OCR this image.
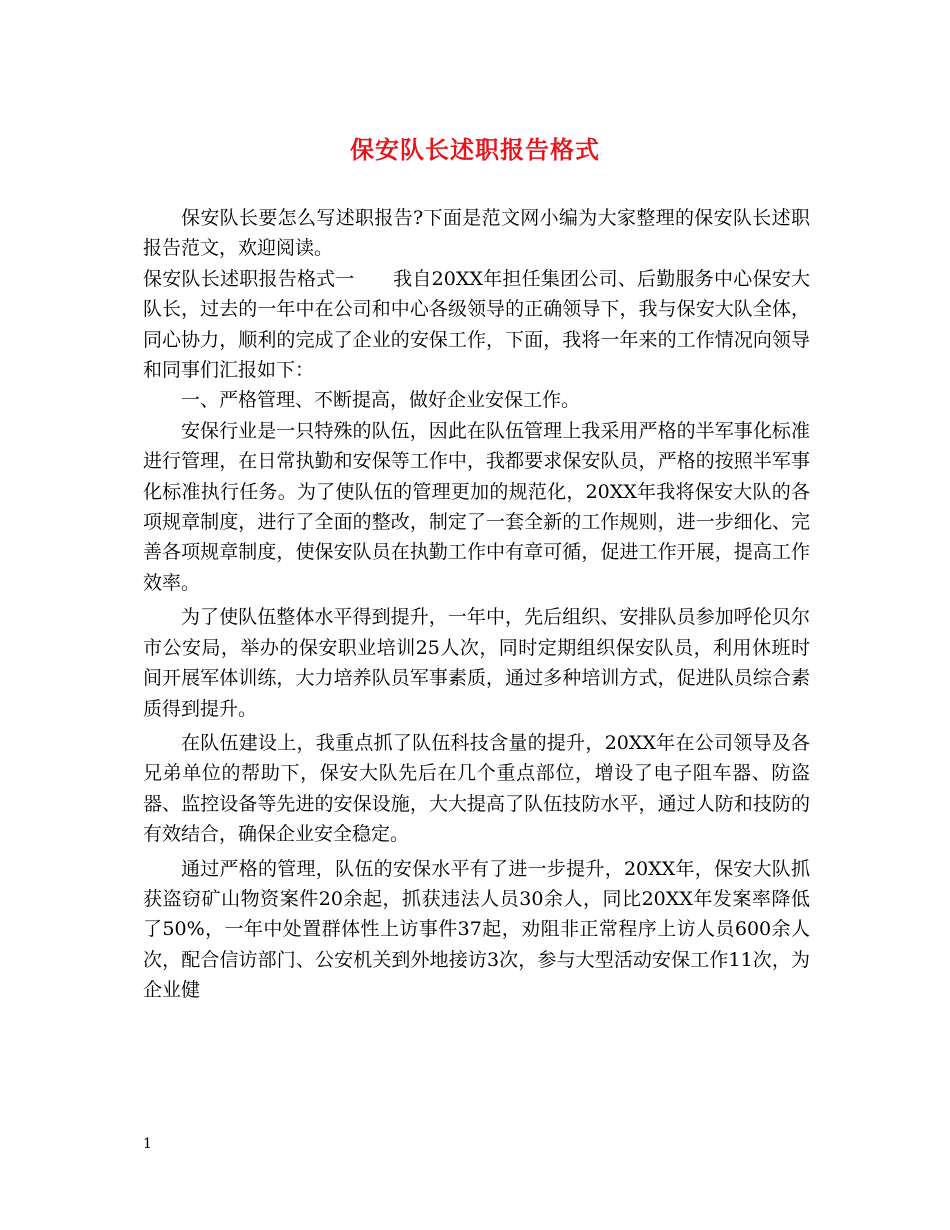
保安队长述职报告格式

保安队长要怎么写述职报告?下面是范文网小编为大家整理的保安队长述职报告范文，欢迎阅读。

保安队长述职报告格式一　　我自20XX年担任集团公司、后勤服务中心保安大队长，过去的一年中在公司和中心各级领导的正确领导下，我与保安大队全体，同心协力，顺利的完成了企业的安保工作，下面，我将一年来的工作情况向领导和同事们汇报如下：

一、严格管理、不断提高，做好企业安保工作。

安保行业是一只特殊的队伍，因此在队伍管理上我采用严格的半军事化标准进行管理，在日常执勤和安保等工作中，我都要求保安队员，严格的按照半军事化标准执行任务。为了使队伍的管理更加的规范化，20XX年我将保安大队的各项规章制度，进行了全面的整改，制定了一套全新的工作规则，进一步细化、完善各项规章制度，使保安队员在执勤工作中有章可循，促进工作开展，提高工作效率。

为了使队伍整体水平得到提升，一年中，先后组织、安排队员参加呼伦贝尔市公安局，举办的保安职业培训25人次，同时定期组织保安队员，利用休班时间开展军体训练，大力培养队员军事素质，通过多种培训方式，促进队员综合素质得到提升。

在队伍建设上，我重点抓了队伍科技含量的提升，20XX年在公司领导及各兄弟单位的帮助下，保安大队先后在几个重点部位，增设了电子阻车器、防盗器、监控设备等先进的安保设施，大大提高了队伍技防水平，通过人防和技防的有效结合，确保企业安全稳定。

通过严格的管理，队伍的安保水平有了进一步提升，20XX年，保安大队抓获盗窃矿山物资案件20余起，抓获违法人员30余人，同比20XX年发案率降低了50%，一年中处置群体性上访事件37起，劝阻非正常程序上访人员600余人次，配合信访部门、公安机关到外地接访3次，参与大型活动安保工作11次，为企业健

1
